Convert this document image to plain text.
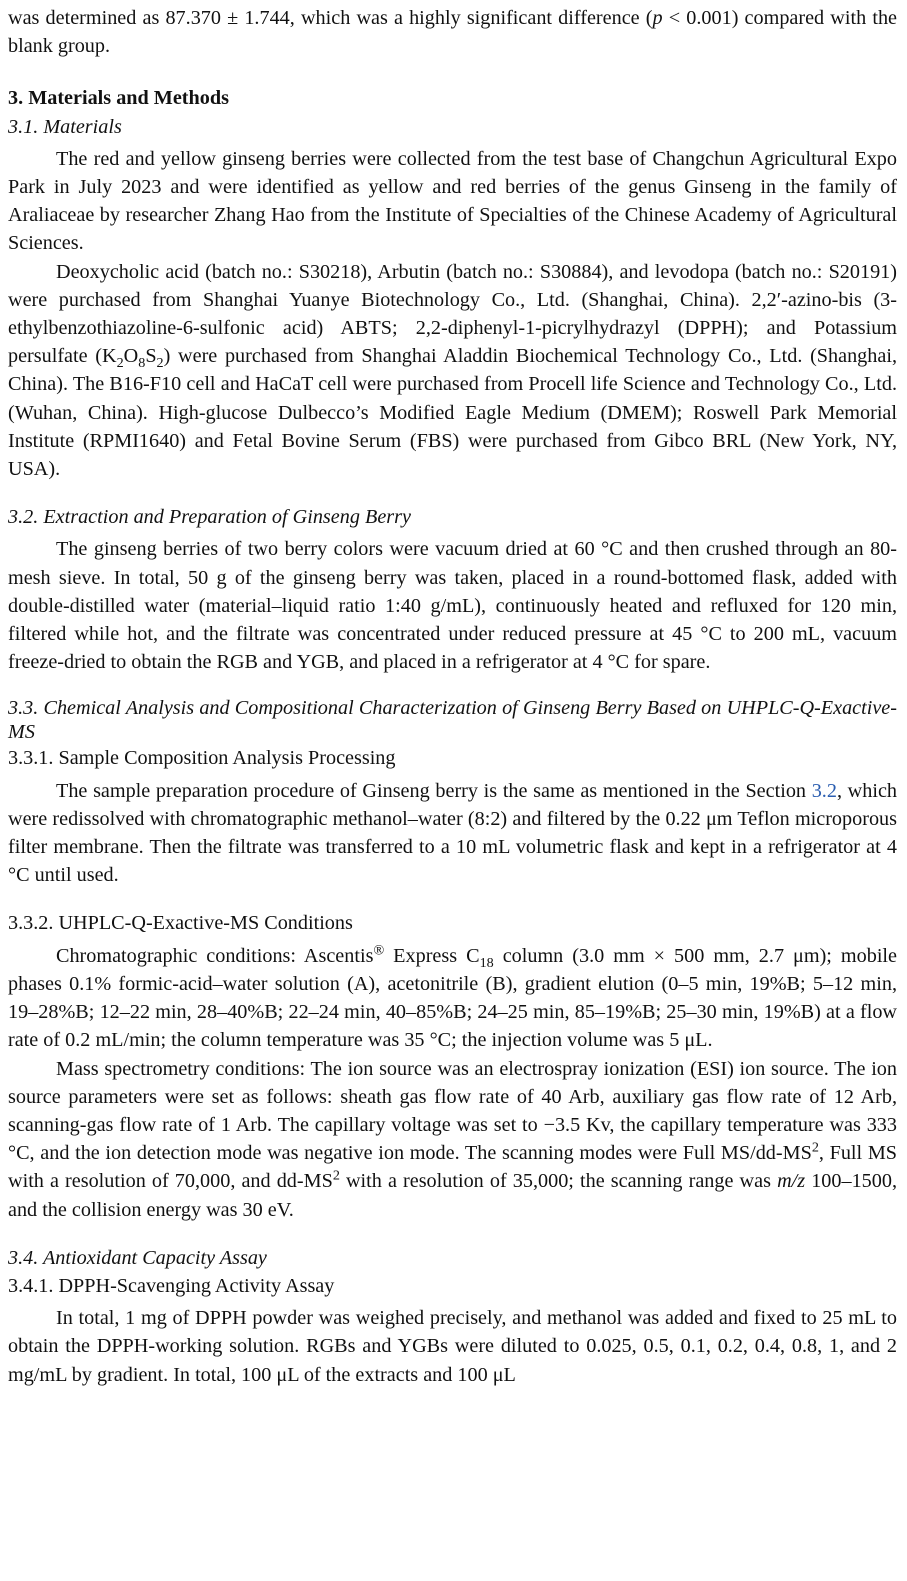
was determined as 87.370 ± 1.744, which was a highly significant difference (p < 0.001) compared with the blank group.

3. Materials and Methods

3.1. Materials

The red and yellow ginseng berries were collected from the test base of Changchun Agricultural Expo Park in July 2023 and were identified as yellow and red berries of the genus Ginseng in the family of Araliaceae by researcher Zhang Hao from the Institute of Specialties of the Chinese Academy of Agricultural Sciences.

Deoxycholic acid (batch no.: S30218), Arbutin (batch no.: S30884), and levodopa (batch no.: S20191) were purchased from Shanghai Yuanye Biotechnology Co., Ltd. (Shanghai, China). 2,2′-azino-bis (3-ethylbenzothiazoline-6-sulfonic acid) ABTS; 2,2-diphenyl-1-picrylhydrazyl (DPPH); and Potassium persulfate $(K_2O_8S_2)$ were purchased from Shanghai Aladdin Biochemical Technology Co., Ltd. (Shanghai, China). The B16-F10 cell and HaCaT cell were purchased from Procell life Science and Technology Co., Ltd. (Wuhan, China). High-glucose Dulbecco’s Modified Eagle Medium (DMEM); Roswell Park Memorial Institute (RPMI1640) and Fetal Bovine Serum (FBS) were purchased from Gibco BRL (New York, NY, USA).

3.2. Extraction and Preparation of Ginseng Berry

The ginseng berries of two berry colors were vacuum dried at 60 °C and then crushed through an 80-mesh sieve. In total, 50 g of the ginseng berry was taken, placed in a round-bottomed flask, added with double-distilled water (material–liquid ratio 1:40 g/mL), continuously heated and refluxed for 120 min, filtered while hot, and the filtrate was concentrated under reduced pressure at 45 °C to 200 mL, vacuum freeze-dried to obtain the RGB and YGB, and placed in a refrigerator at 4 °C for spare.

3.3. Chemical Analysis and Compositional Characterization of Ginseng Berry Based on UHPLC-Q-Exactive-MS

3.3.1. Sample Composition Analysis Processing

The sample preparation procedure of Ginseng berry is the same as mentioned in the Section 3.2, which were redissolved with chromatographic methanol–water (8:2) and filtered by the 0.22 μm Teflon microporous filter membrane. Then the filtrate was transferred to a 10 mL volumetric flask and kept in a refrigerator at 4 °C until used.

3.3.2. UHPLC-Q-Exactive-MS Conditions

Chromatographic conditions: Ascentis® Express $C_{18}$ column (3.0 mm × 500 mm, 2.7 μm); mobile phases 0.1% formic-acid–water solution (A), acetonitrile (B), gradient elution (0–5 min, 19%B; 5–12 min, 19–28%B; 12–22 min, 28–40%B; 22–24 min, 40–85%B; 24–25 min, 85–19%B; 25–30 min, 19%B) at a flow rate of 0.2 mL/min; the column temperature was 35 °C; the injection volume was 5 μL.

Mass spectrometry conditions: The ion source was an electrospray ionization (ESI) ion source. The ion source parameters were set as follows: sheath gas flow rate of 40 Arb, auxiliary gas flow rate of 12 Arb, scanning-gas flow rate of 1 Arb. The capillary voltage was set to −3.5 Kv, the capillary temperature was 333 °C, and the ion detection mode was negative ion mode. The scanning modes were Full $MS/dd-MS^2$, Full MS with a resolution of 70,000, and $dd-MS^2$ with a resolution of 35,000; the scanning range was m/z 100–1500, and the collision energy was 30 eV.

3.4. Antioxidant Capacity Assay

3.4.1. DPPH-Scavenging Activity Assay

In total, 1 mg of DPPH powder was weighed precisely, and methanol was added and fixed to 25 mL to obtain the DPPH-working solution. RGBs and YGBs were diluted to 0.025, 0.5, 0.1, 0.2, 0.4, 0.8, 1, and 2 mg/mL by gradient. In total, 100 μL of the extracts and 100 μL
